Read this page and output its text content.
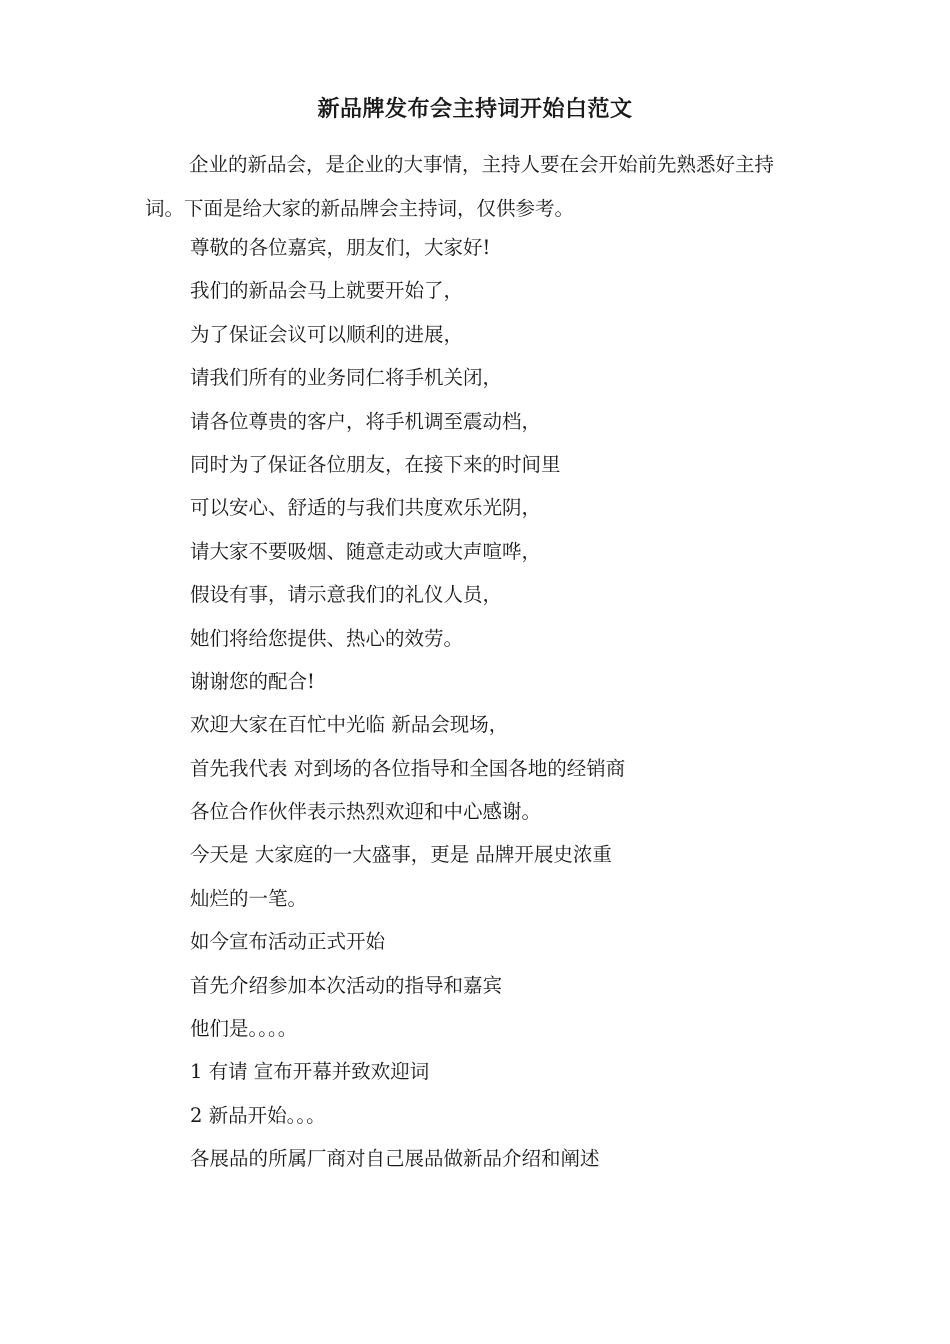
新品牌发布会主持词开始白范文

企业的新品会，是企业的大事情，主持人要在会开始前先熟悉好主持词。下面是给大家的新品牌会主持词，仅供参考。

尊敬的各位嘉宾，朋友们，大家好!
我们的新品会马上就要开始了，
为了保证会议可以顺利的进展，
请我们所有的业务同仁将手机关闭，
请各位尊贵的客户，将手机调至震动档，
同时为了保证各位朋友，在接下来的时间里
可以安心、舒适的与我们共度欢乐光阴，
请大家不要吸烟、随意走动或大声喧哗，
假设有事，请示意我们的礼仪人员，
她们将给您提供、热心的效劳。
谢谢您的配合!
欢迎大家在百忙中光临 新品会现场，
首先我代表 对到场的各位指导和全国各地的经销商
各位合作伙伴表示热烈欢迎和中心感谢。
今天是 大家庭的一大盛事，更是 品牌开展史浓重
灿烂的一笔。
如今宣布活动正式开始
首先介绍参加本次活动的指导和嘉宾
他们是。。。。
1 有请 宣布开幕并致欢迎词
2 新品开始。。。
各展品的所属厂商对自己展品做新品介绍和阐述
